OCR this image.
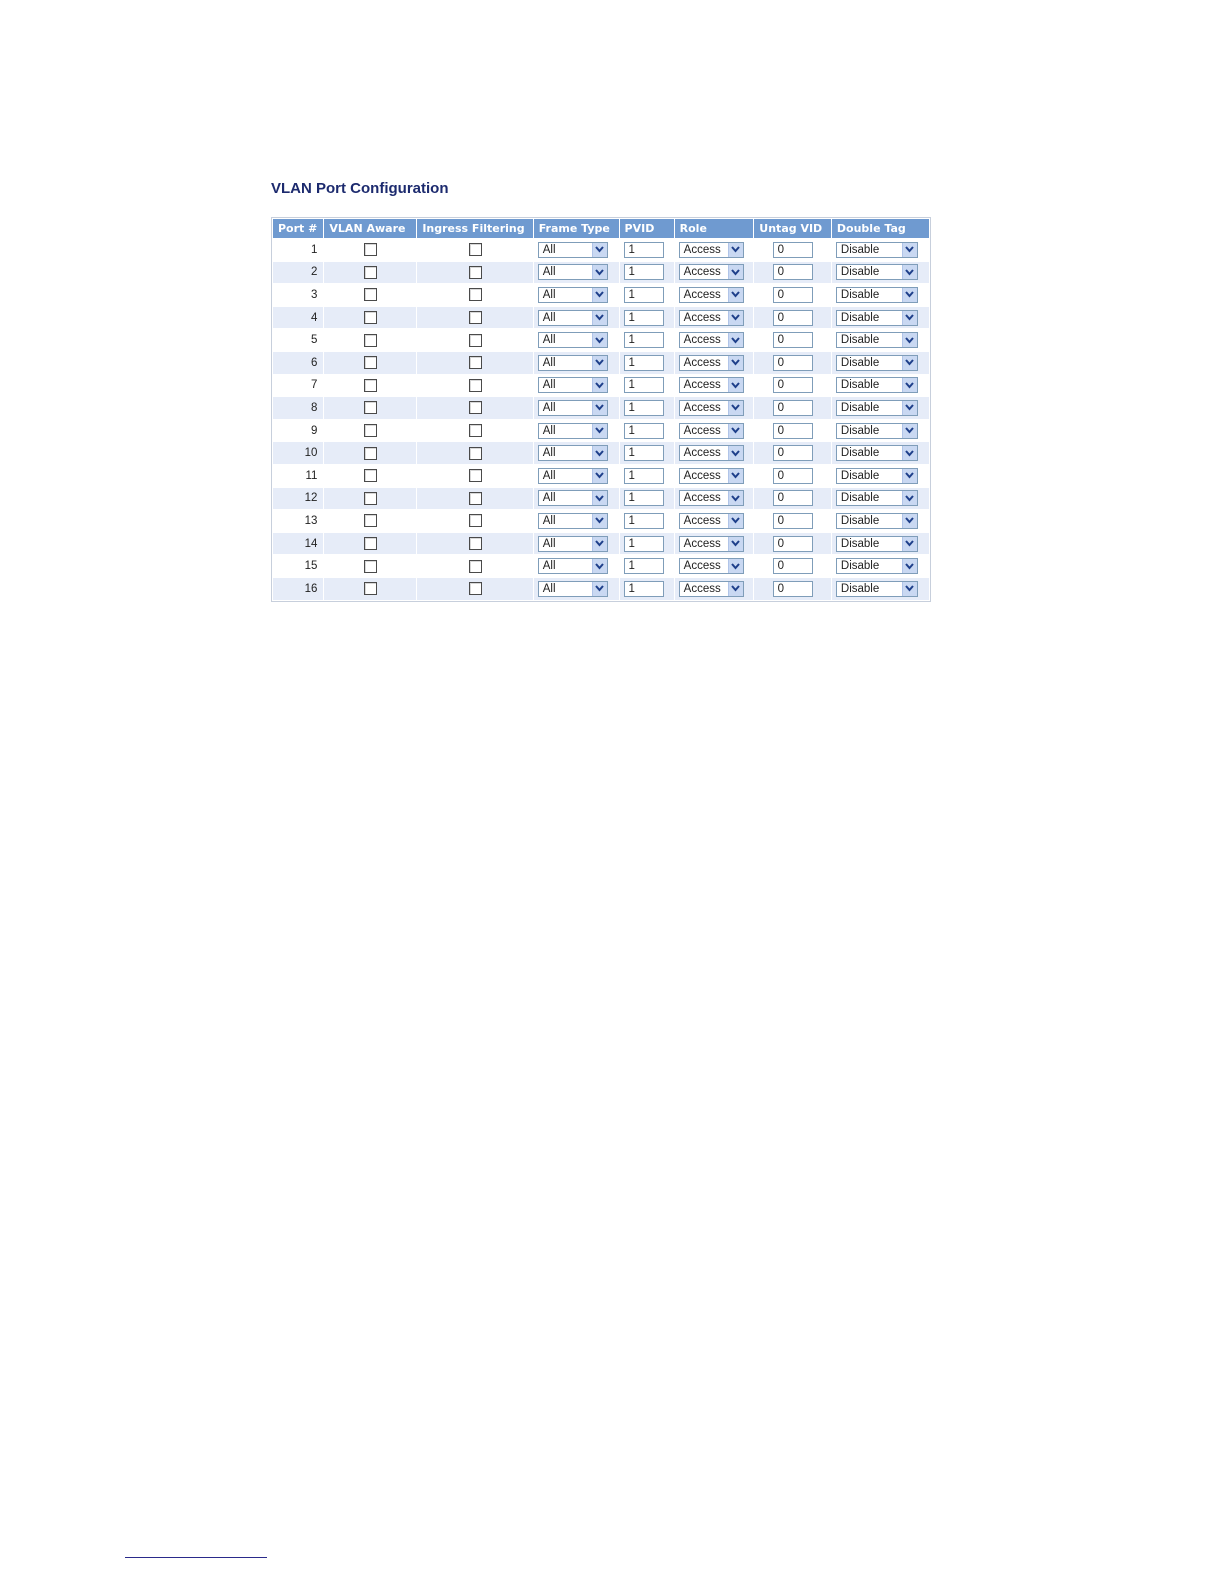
VLAN Port Configuration
Port #	VLAN Aware	Ingress Filtering	Frame Type	PVID	Role	Untag VID	Double Tag
1			All	1	Access	0	Disable

2			All	1	Access	0	Disable

3			All	1	Access	0	Disable

4			All	1	Access	0	Disable

5			All	1	Access	0	Disable

6			All	1	Access	0	Disable

7			All	1	Access	0	Disable

8			All	1	Access	0	Disable

9			All	1	Access	0	Disable

10			All	1	Access	0	Disable

11			All	1	Access	0	Disable

12			All	1	Access	0	Disable

13			All	1	Access	0	Disable

14			All	1	Access	0	Disable

15			All	1	Access	0	Disable

16			All	1	Access	0	Disable
